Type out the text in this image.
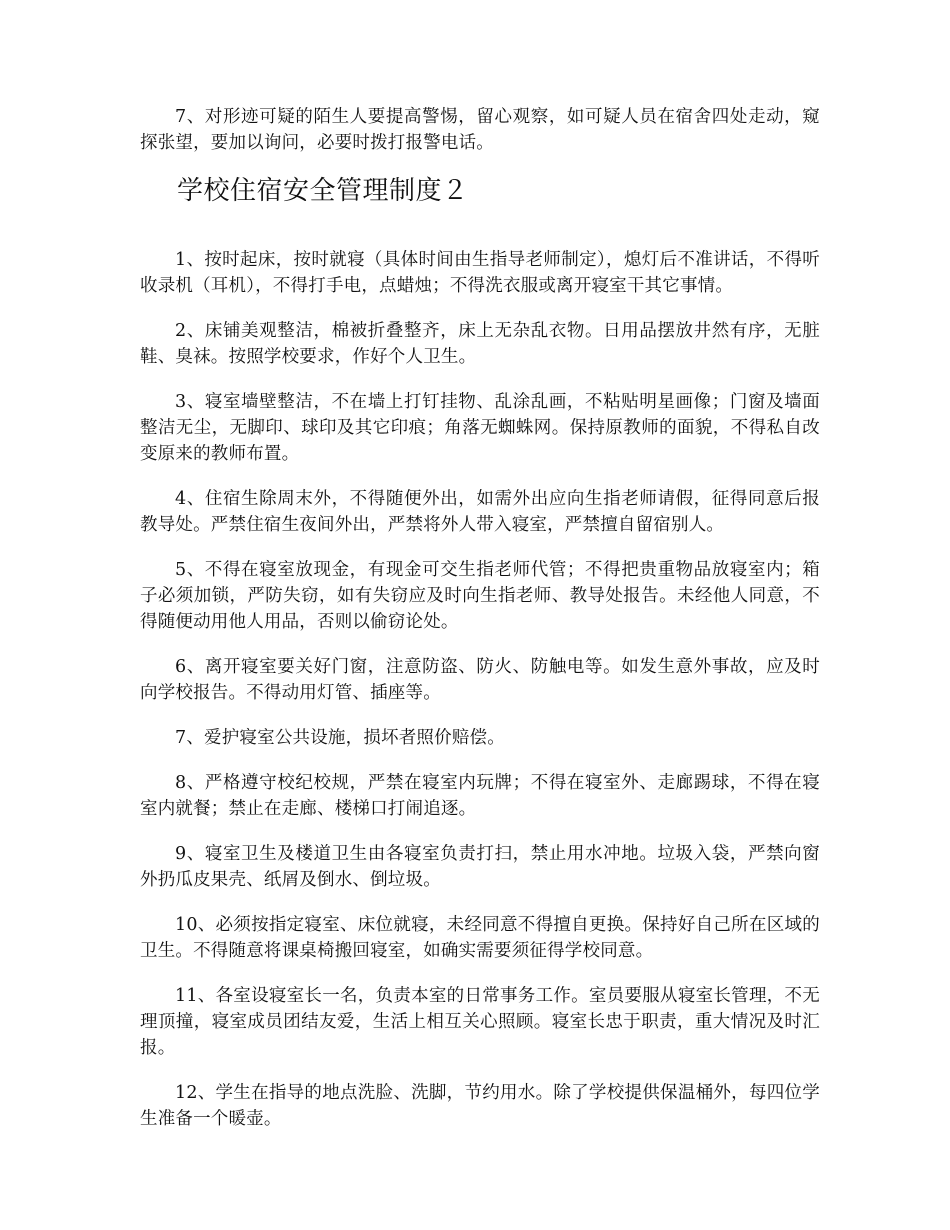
7、对形迹可疑的陌生人要提高警惕，留心观察，如可疑人员在宿舍四处走动，窥探张望，要加以询问，必要时拨打报警电话。

学校住宿安全管理制度２

1、按时起床，按时就寝（具体时间由生指导老师制定），熄灯后不准讲话，不得听收录机（耳机），不得打手电，点蜡烛；不得洗衣服或离开寝室干其它事情。

2、床铺美观整洁，棉被折叠整齐，床上无杂乱衣物。日用品摆放井然有序，无脏鞋、臭袜。按照学校要求，作好个人卫生。

3、寝室墙壁整洁，不在墙上打钉挂物、乱涂乱画，不粘贴明星画像；门窗及墙面整洁无尘，无脚印、球印及其它印痕；角落无蜘蛛网。保持原教师的面貌，不得私自改变原来的教师布置。

4、住宿生除周末外，不得随便外出，如需外出应向生指老师请假，征得同意后报教导处。严禁住宿生夜间外出，严禁将外人带入寝室，严禁擅自留宿别人。

5、不得在寝室放现金，有现金可交生指老师代管；不得把贵重物品放寝室内；箱子必须加锁，严防失窃，如有失窃应及时向生指老师、教导处报告。未经他人同意，不得随便动用他人用品，否则以偷窃论处。

6、离开寝室要关好门窗，注意防盗、防火、防触电等。如发生意外事故，应及时向学校报告。不得动用灯管、插座等。

7、爱护寝室公共设施，损坏者照价赔偿。

8、严格遵守校纪校规，严禁在寝室内玩牌；不得在寝室外、走廊踢球，不得在寝室内就餐；禁止在走廊、楼梯口打闹追逐。

9、寝室卫生及楼道卫生由各寝室负责打扫，禁止用水冲地。垃圾入袋，严禁向窗外扔瓜皮果壳、纸屑及倒水、倒垃圾。

10、必须按指定寝室、床位就寝，未经同意不得擅自更换。保持好自己所在区域的卫生。不得随意将课桌椅搬回寝室，如确实需要须征得学校同意。

11、各室设寝室长一名，负责本室的日常事务工作。室员要服从寝室长管理，不无理顶撞，寝室成员团结友爱，生活上相互关心照顾。寝室长忠于职责，重大情况及时汇报。

12、学生在指导的地点洗脸、洗脚，节约用水。除了学校提供保温桶外，每四位学生准备一个暖壶。
